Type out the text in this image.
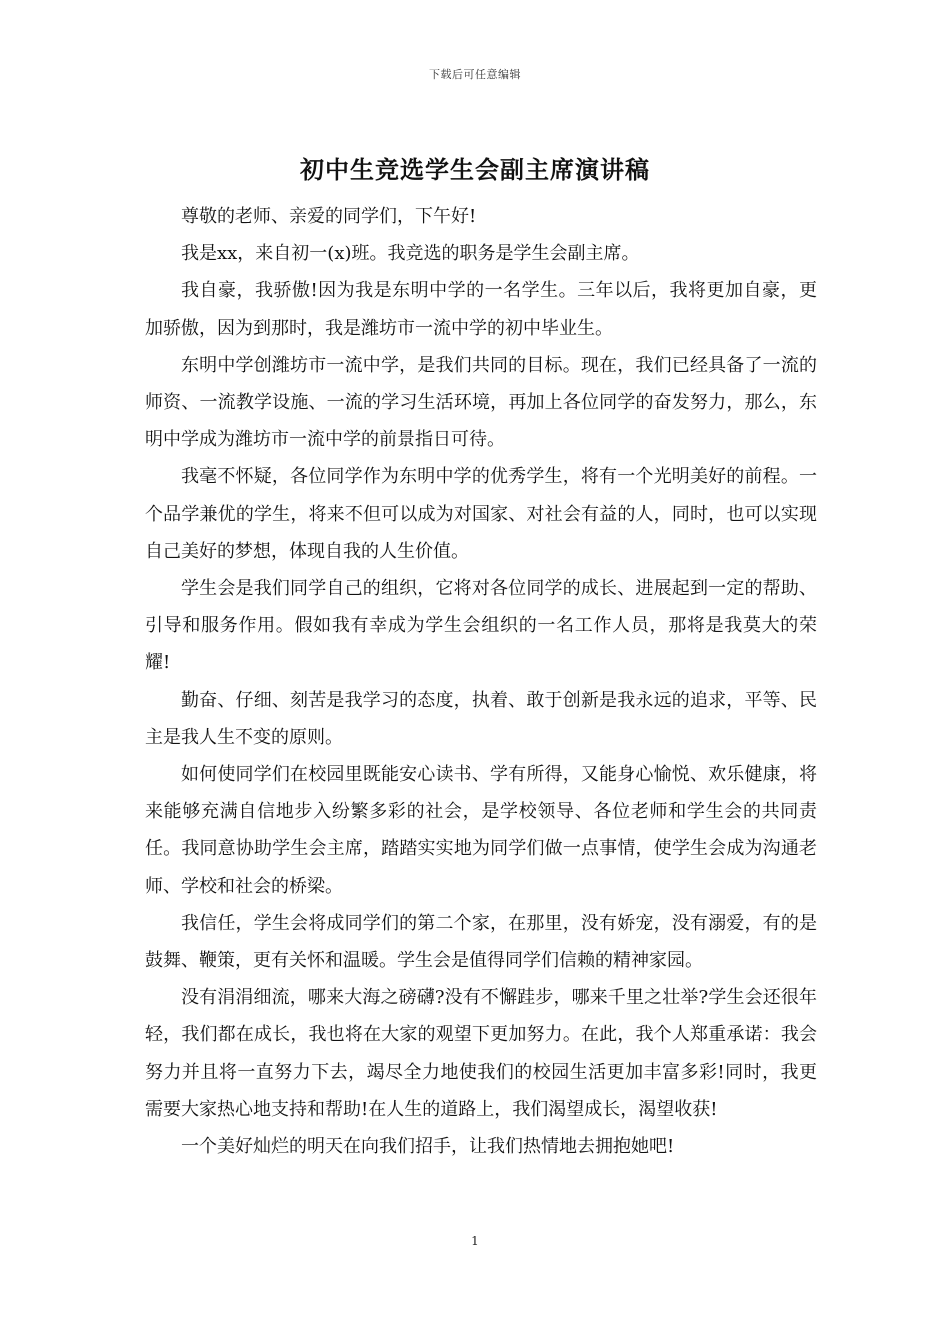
下载后可任意编辑
初中生竞选学生会副主席演讲稿

尊敬的老师、亲爱的同学们，下午好!

我是xx，来自初一(x)班。我竞选的职务是学生会副主席。

我自豪，我骄傲!因为我是东明中学的一名学生。三年以后，我将更加自豪，更加骄傲，因为到那时，我是潍坊市一流中学的初中毕业生。

东明中学创潍坊市一流中学，是我们共同的目标。现在，我们已经具备了一流的师资、一流教学设施、一流的学习生活环境，再加上各位同学的奋发努力，那么，东明中学成为潍坊市一流中学的前景指日可待。

我毫不怀疑，各位同学作为东明中学的优秀学生，将有一个光明美好的前程。一个品学兼优的学生，将来不但可以成为对国家、对社会有益的人，同时，也可以实现自己美好的梦想，体现自我的人生价值。

学生会是我们同学自己的组织，它将对各位同学的成长、进展起到一定的帮助、引导和服务作用。假如我有幸成为学生会组织的一名工作人员，那将是我莫大的荣耀!

勤奋、仔细、刻苦是我学习的态度，执着、敢于创新是我永远的追求，平等、民主是我人生不变的原则。

如何使同学们在校园里既能安心读书、学有所得，又能身心愉悦、欢乐健康，将来能够充满自信地步入纷繁多彩的社会，是学校领导、各位老师和学生会的共同责任。我同意协助学生会主席，踏踏实实地为同学们做一点事情，使学生会成为沟通老师、学校和社会的桥梁。

我信任，学生会将成同学们的第二个家，在那里，没有娇宠，没有溺爱，有的是鼓舞、鞭策，更有关怀和温暖。学生会是值得同学们信赖的精神家园。

没有涓涓细流，哪来大海之磅礴?没有不懈跬步，哪来千里之壮举?学生会还很年轻，我们都在成长，我也将在大家的观望下更加努力。在此，我个人郑重承诺：我会努力并且将一直努力下去，竭尽全力地使我们的校园生活更加丰富多彩!同时，我更需要大家热心地支持和帮助!在人生的道路上，我们渴望成长，渴望收获!

一个美好灿烂的明天在向我们招手，让我们热情地去拥抱她吧!

1
